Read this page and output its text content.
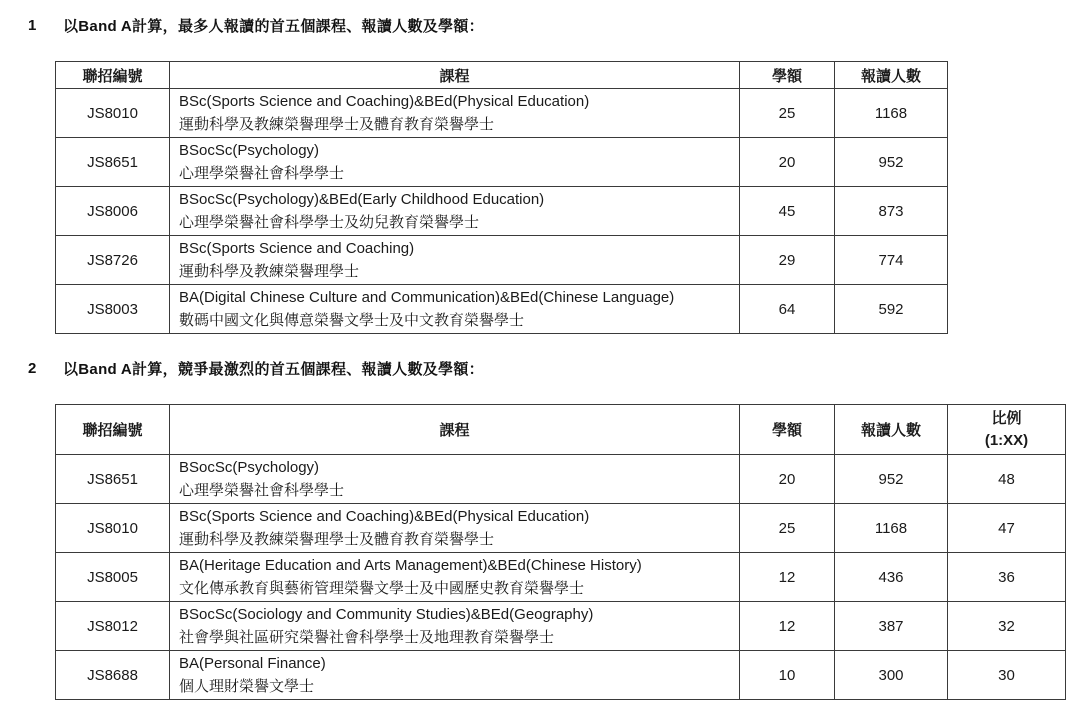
1	以Band A計算，最多人報讀的首五個課程、報讀人數及學額：
聯招編號	課程	學額	報讀人數
JS8010	BSc(Sports Science and Coaching)&BEd(Physical Education)
運動科學及教練榮譽理學士及體育教育榮譽學士	25	1168
JS8651	BSocSc(Psychology)
心理學榮譽社會科學學士	20	952
JS8006	BSocSc(Psychology)&BEd(Early Childhood Education)
心理學榮譽社會科學學士及幼兒教育榮譽學士	45	873
JS8726	BSc(Sports Science and Coaching)
運動科學及教練榮譽理學士	29	774
JS8003	BA(Digital Chinese Culture and Communication)&BEd(Chinese Language)
數碼中國文化與傳意榮譽文學士及中文教育榮譽學士	64	592
2	以Band A計算，競爭最激烈的首五個課程、報讀人數及學額：
聯招編號	課程	學額	報讀人數	比例
(1:XX)

JS8651	BSocSc(Psychology)
心理學榮譽社會科學學士	20	952	48
JS8010	BSc(Sports Science and Coaching)&BEd(Physical Education)
運動科學及教練榮譽理學士及體育教育榮譽學士	25	1168	47
JS8005	BA(Heritage Education and Arts Management)&BEd(Chinese History)
文化傳承教育與藝術管理榮譽文學士及中國歷史教育榮譽學士	12	436	36
JS8012	BSocSc(Sociology and Community Studies)&BEd(Geography)
社會學與社區研究榮譽社會科學學士及地理教育榮譽學士	12	387	32
JS8688	BA(Personal Finance)
個人理財榮譽文學士	10	300	30
